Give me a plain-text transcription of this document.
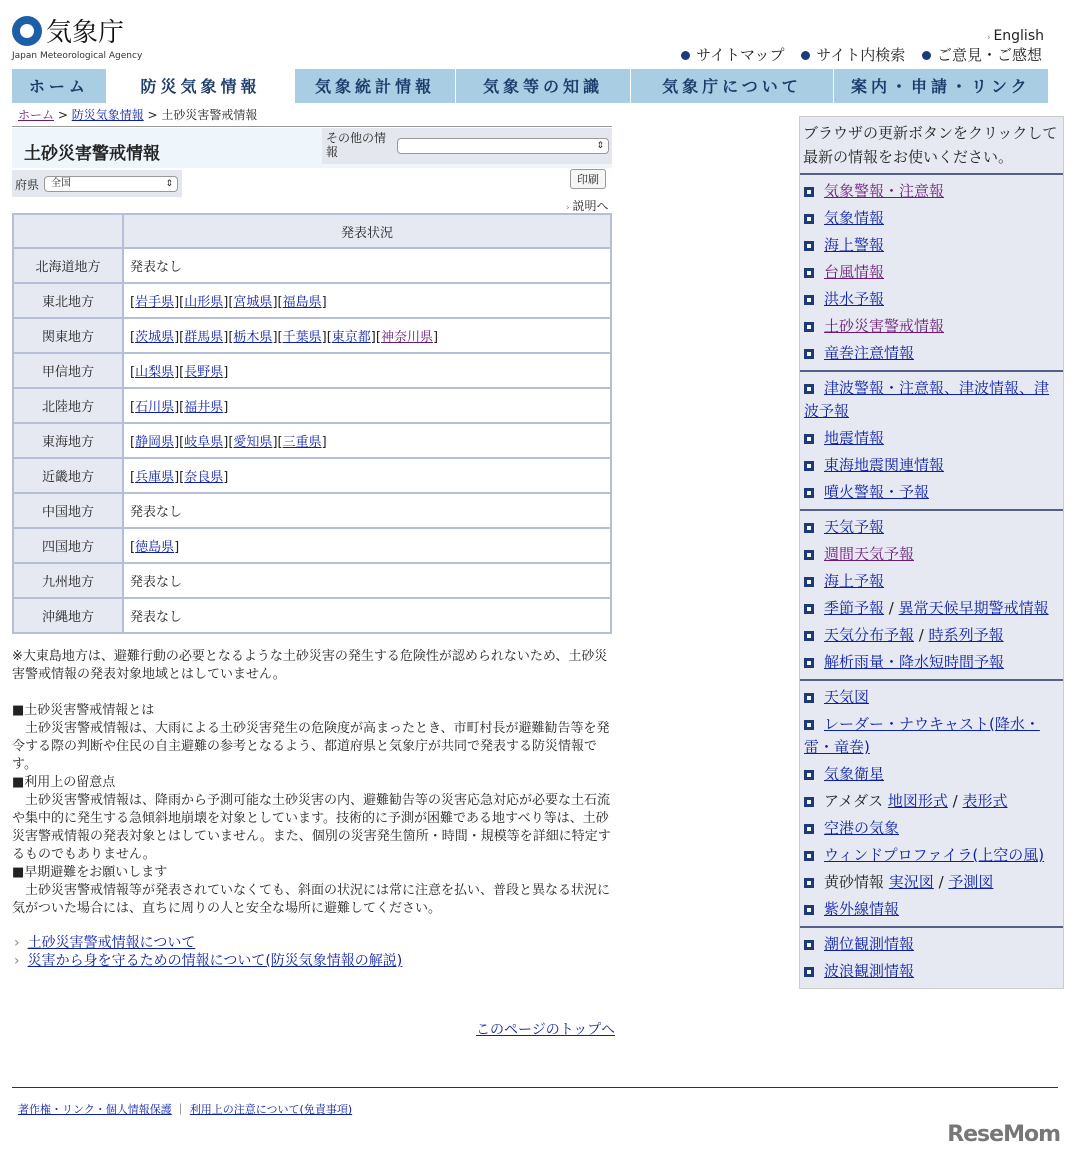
気象庁
Japan Meteorological Agency
› English
サイトマップ サイト内検索 ご意見・ご感想
ホーム	防災気象情報	気象統計情報	気象等の知識	気象庁について	案内・申請・リンク
ホーム > 防災気象情報 > 土砂災害警戒情報
土砂災害警戒情報
その他の情報
⇕
府県	全国 ⇕	印刷
› 説明へ
	発表状況
北海道地方	発表なし
東北地方	[岩手県][山形県][宮城県][福島県]
関東地方	[茨城県][群馬県][栃木県][千葉県][東京都][神奈川県]
甲信地方	[山梨県][長野県]
北陸地方	[石川県][福井県]
東海地方	[静岡県][岐阜県][愛知県][三重県]
近畿地方	[兵庫県][奈良県]
中国地方	発表なし
四国地方	[徳島県]
九州地方	発表なし
沖縄地方	発表なし

※大東島地方は、避難行動の必要となるような土砂災害の発生する危険性が認められないため、土砂災害警戒情報の発表対象地域とはしていません。

■土砂災害警戒情報とは

　土砂災害警戒情報は、大雨による土砂災害発生の危険度が高まったとき、市町村長が避難勧告等を発令する際の判断や住民の自主避難の参考となるよう、都道府県と気象庁が共同で発表する防災情報です。

■利用上の留意点

　土砂災害警戒情報は、降雨から予測可能な土砂災害の内、避難勧告等の災害応急対応が必要な土石流や集中的に発生する急傾斜地崩壊を対象としています。技術的に予測が困難である地すべり等は、土砂災害警戒情報の発表対象とはしていません。また、個別の災害発生箇所・時間・規模等を詳細に特定するものでもありません。

■早期避難をお願いします

　土砂災害警戒情報等が発表されていなくても、斜面の状況には常に注意を払い、普段と異なる状況に気がついた場合には、直ちに周りの人と安全な場所に避難してください。

› 土砂災害警戒情報について
› 災害から身を守るための情報について(防災気象情報の解説)
このページのトップへ
著作権・リンク・個人情報保護 ｜ 利用上の注意について(免責事項)
ReseMom
ブラウザの更新ボタンをクリックして最新の情報をお使いください。
気象警報・注意報
気象情報
海上警報
台風情報
洪水予報
土砂災害警戒情報
竜巻注意情報
津波警報・注意報、津波情報、津波予報
地震情報
東海地震関連情報
噴火警報・予報
天気予報
週間天気予報
海上予報
季節予報 / 異常天候早期警戒情報
天気分布予報 / 時系列予報
解析雨量・降水短時間予報
天気図
レーダー・ナウキャスト(降水・雷・竜巻)
気象衛星
アメダス 地図形式 / 表形式
空港の気象
ウィンドプロファイラ(上空の風)
黄砂情報 実況図 / 予測図
紫外線情報
潮位観測情報
波浪観測情報
